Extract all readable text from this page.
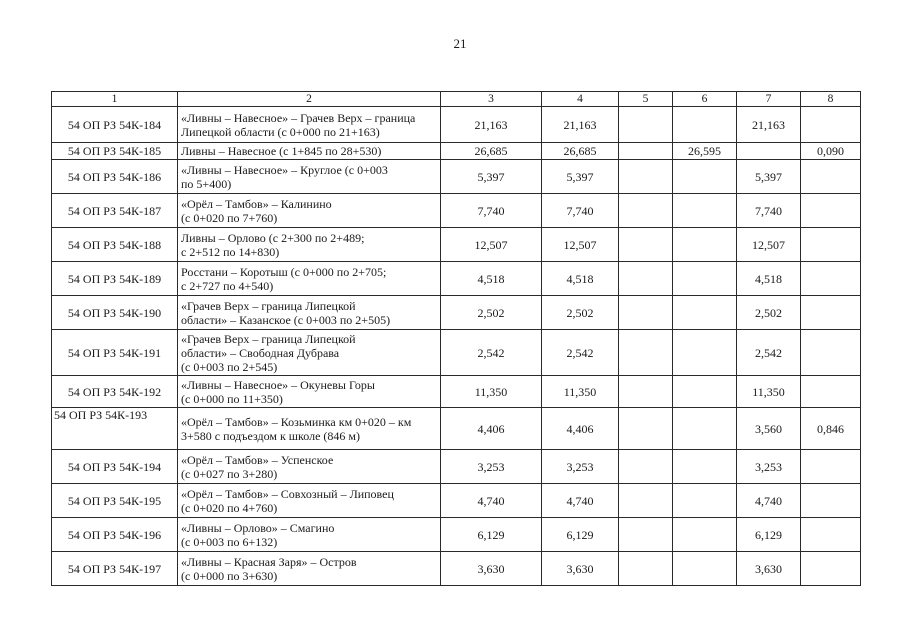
21
1	2	3	4	5	6	7	8
54 ОП РЗ 54К-184	«Ливны – Навесное» – Грачев Верх – граница
Липецкой области (с 0+000 по 21+163)	21,163	21,163			21,163	
54 ОП РЗ 54К-185	Ливны – Навесное (с 1+845 по 28+530)	26,685	26,685		26,595		0,090
54 ОП РЗ 54К-186	«Ливны – Навесное» – Круглое (с 0+003
по 5+400)	5,397	5,397			5,397	
54 ОП РЗ 54К-187	«Орёл – Тамбов» – Калинино
(с 0+020 по 7+760)	7,740	7,740			7,740	
54 ОП РЗ 54К-188	Ливны – Орлово (с 2+300 по 2+489;
с 2+512 по 14+830)	12,507	12,507			12,507	
54 ОП РЗ 54К-189	Росстани – Коротыш (с 0+000 по 2+705;
с 2+727 по 4+540)	4,518	4,518			4,518	
54 ОП РЗ 54К-190	«Грачев Верх – граница Липецкой
области» – Казанское (с 0+003 по 2+505)	2,502	2,502			2,502	
54 ОП РЗ 54К-191	«Грачев Верх – граница Липецкой
области» – Свободная Дубрава
(с 0+003 по 2+545)	2,542	2,542			2,542	
54 ОП РЗ 54К-192	«Ливны – Навесное» – Окуневы Горы
(с 0+000 по 11+350)	11,350	11,350			11,350	
54 ОП РЗ 54К-193	«Орёл – Тамбов» – Козьминка км 0+020 – км
3+580 с подъездом к школе (846 м)	4,406	4,406			3,560	0,846
54 ОП РЗ 54К-194	«Орёл – Тамбов» – Успенское
(с 0+027 по 3+280)	3,253	3,253			3,253	
54 ОП РЗ 54К-195	«Орёл – Тамбов» – Совхозный – Липовец
(с 0+020 по 4+760)	4,740	4,740			4,740	
54 ОП РЗ 54К-196	«Ливны – Орлово» – Смагино
(с 0+003 по 6+132)	6,129	6,129			6,129	
54 ОП РЗ 54К-197	«Ливны – Красная Заря» – Остров
(с 0+000 по 3+630)	3,630	3,630			3,630	
